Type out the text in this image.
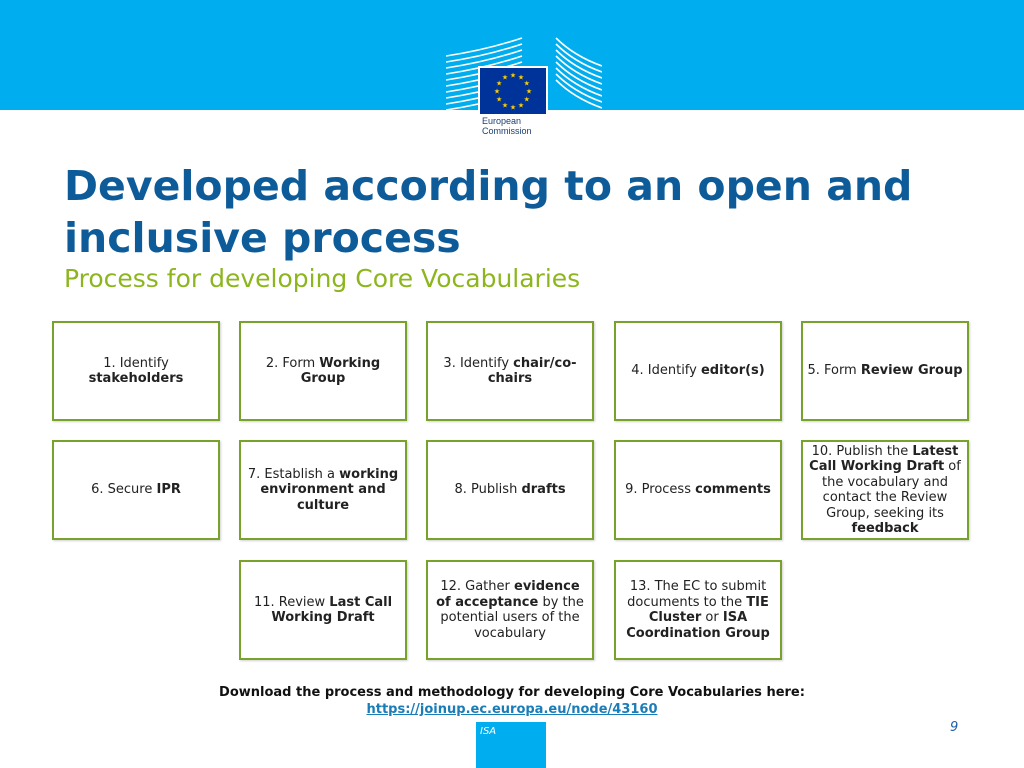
★ ★
★
★
★
★
★
★
★
★
★
★
European
Commission
Developed according to an open and inclusive process
Process for developing Core Vocabularies
1. Identify stakeholders
2. Form Working Group
3. Identify chair/co-chairs
4. Identify editor(s)	5. Form Review Group
6. Secure IPR
7. Establish a working environment and culture
8. Publish drafts	9. Process comments
10. Publish the Latest Call Working Draft of the vocabulary and contact the Review Group, seeking its feedback
11. Review Last Call Working Draft
12. Gather evidence of acceptance by the potential users of the vocabulary
13. The EC to submit documents to the TIE Cluster or ISA Coordination Group
Download the process and methodology for developing Core Vocabularies here:
https://joinup.ec.europa.eu/node/43160
ISA	9
